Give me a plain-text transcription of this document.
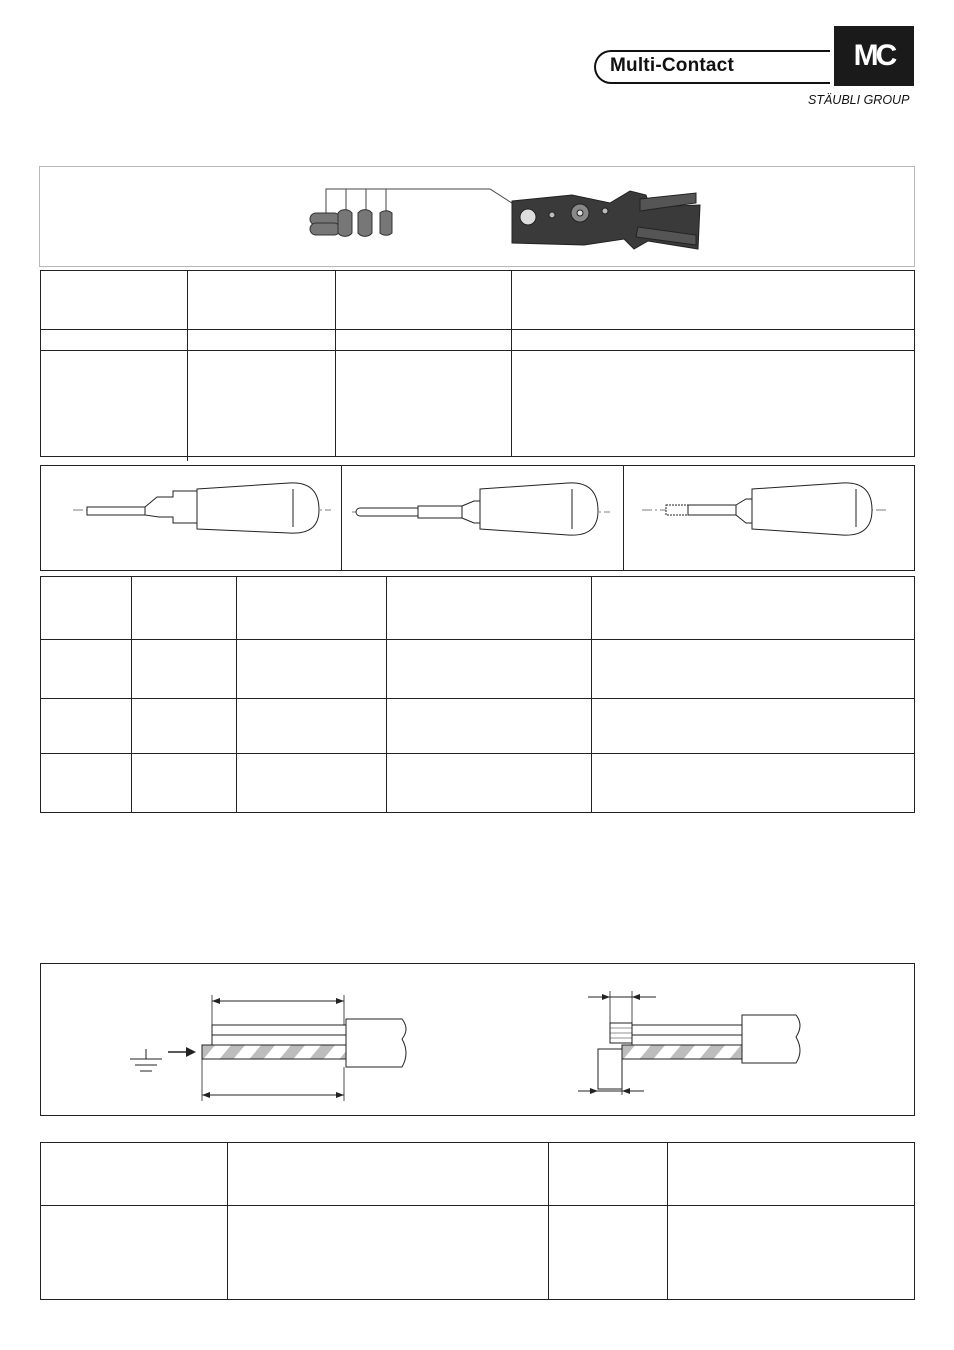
Multi-Contact	MC
STÄUBLI GROUP
